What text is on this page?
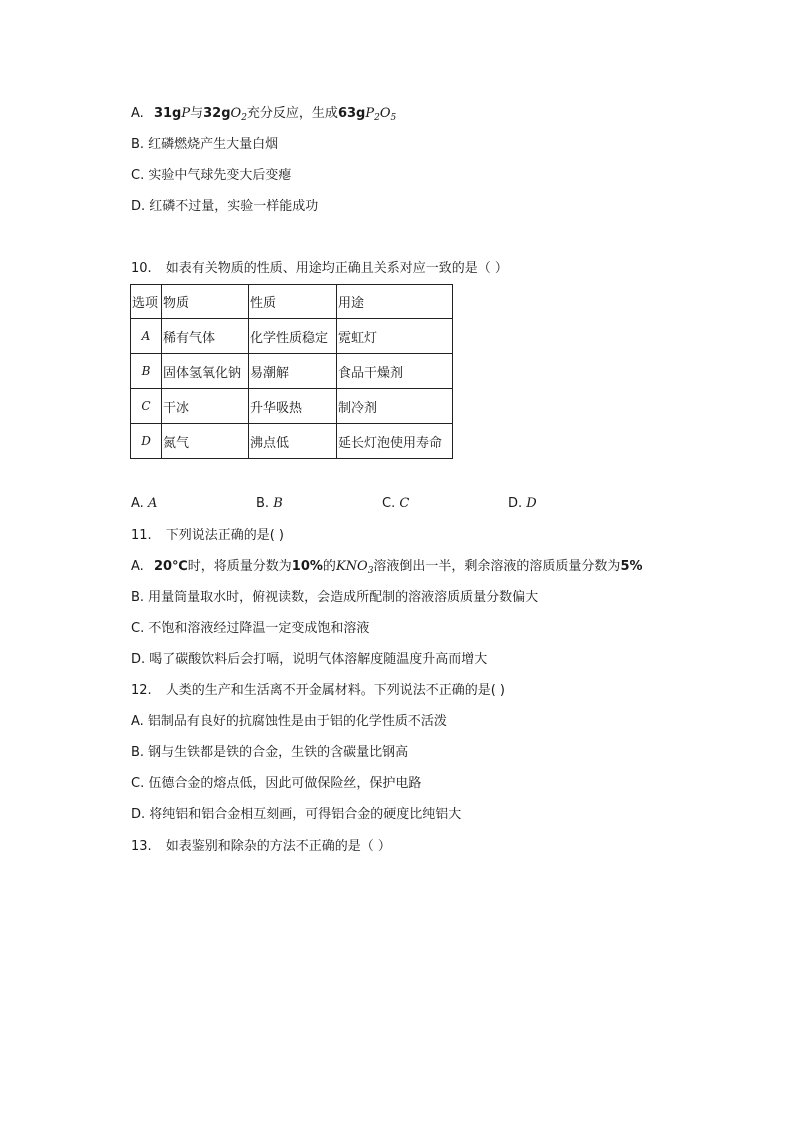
A. 31gP与$32gO_2$充分反应，生成$63gP_2O_5$
B. 红磷燃烧产生大量白烟
C. 实验中气球先变大后变瘪
D. 红磷不过量，实验一样能成功
10. 如表有关物质的性质、用途均正确且关系对应一致的是（ ）
选项	物质	性质	用途
A	稀有气体	化学性质稳定	霓虹灯
B	固体氢氧化钠	易潮解	食品干燥剂
C	干冰	升华吸热	制冷剂
D	氮气	沸点低	延长灯泡使用寿命
A. A	B. B	C. C	D. D
11. 下列说法正确的是( )
A. 20℃时，将质量分数为10%的$KNO_3$溶液倒出一半，剩余溶液的溶质质量分数为5%
B. 用量筒量取水时，俯视读数，会造成所配制的溶液溶质质量分数偏大
C. 不饱和溶液经过降温一定变成饱和溶液
D. 喝了碳酸饮料后会打嗝，说明气体溶解度随温度升高而增大
12. 人类的生产和生活离不开金属材料。下列说法不正确的是( )
A. 铝制品有良好的抗腐蚀性是由于铝的化学性质不活泼
B. 钢与生铁都是铁的合金，生铁的含碳量比钢高
C. 伍德合金的熔点低，因此可做保险丝，保护电路
D. 将纯铝和铝合金相互刻画，可得铝合金的硬度比纯铝大
13. 如表鉴别和除杂的方法不正确的是（ ）
